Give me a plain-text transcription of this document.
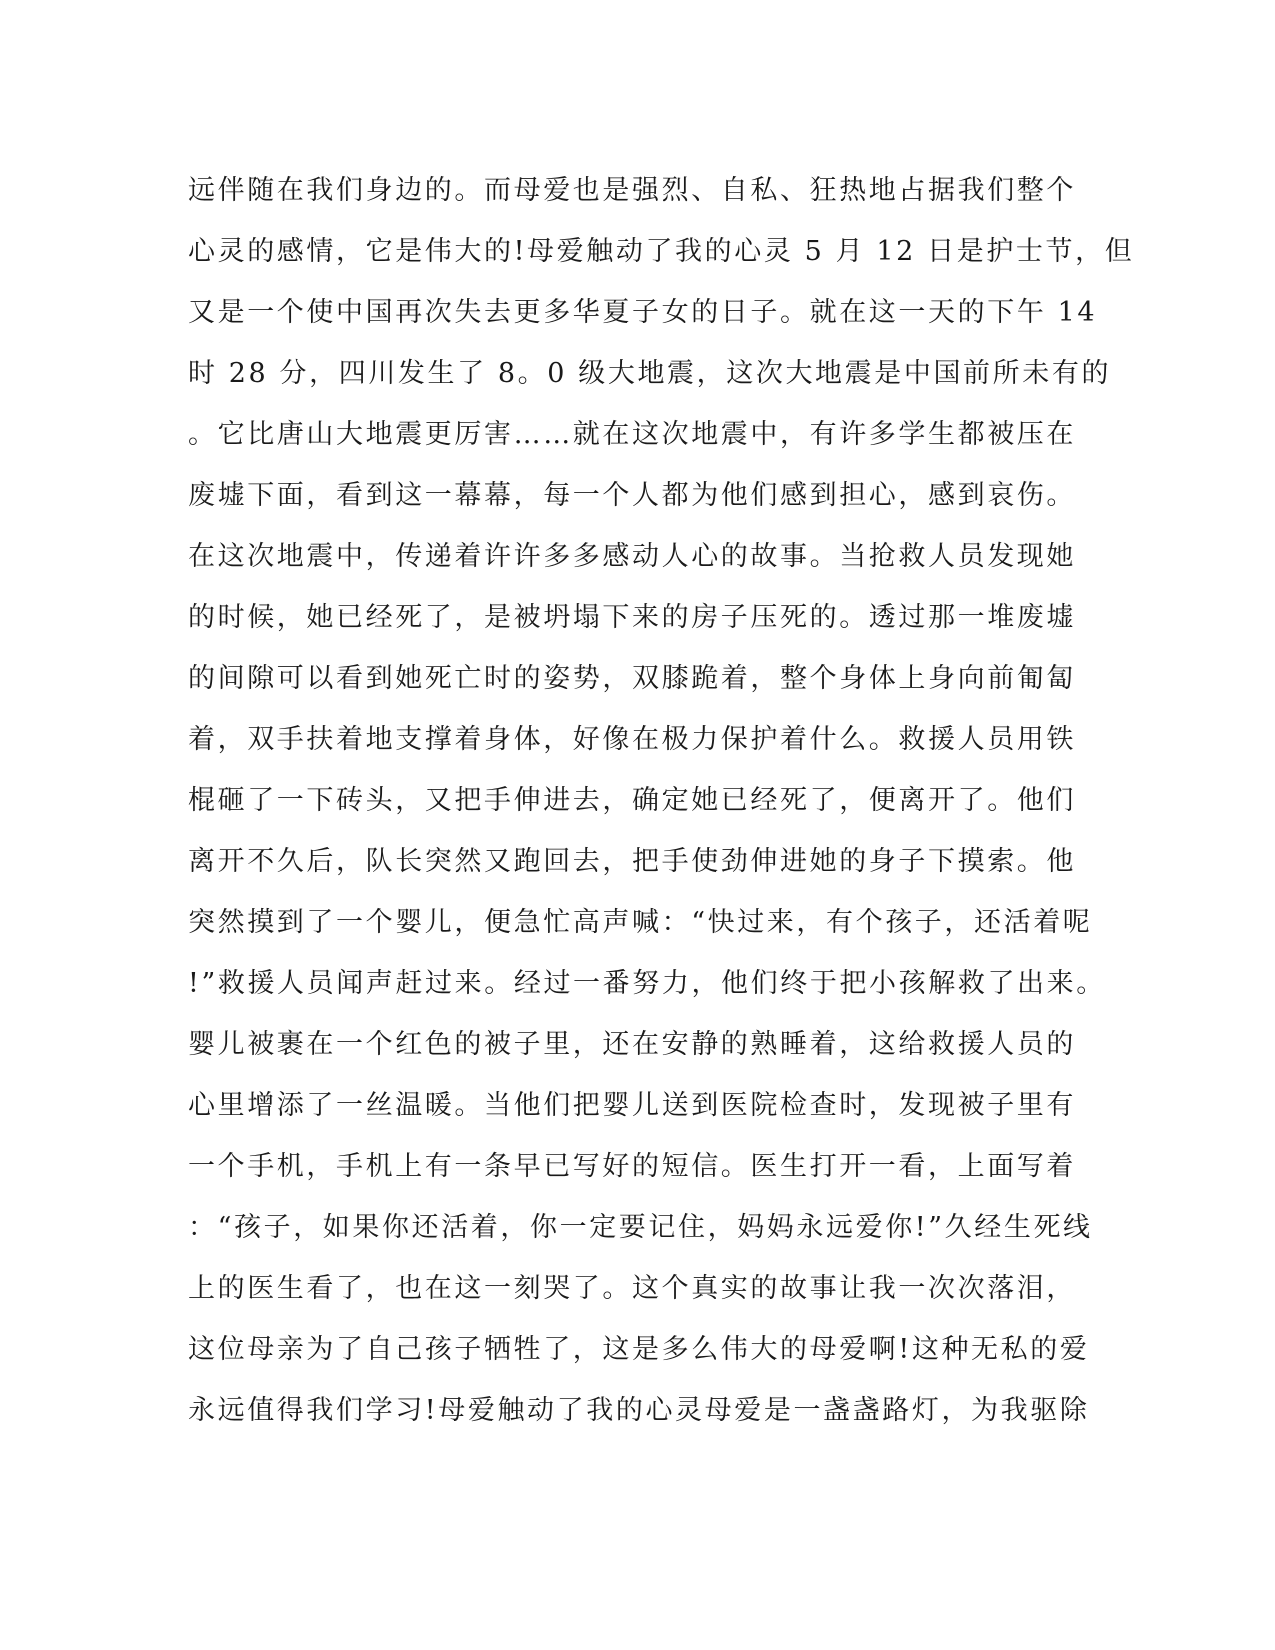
远伴随在我们身边的。而母爱也是强烈、自私、狂热地占据我们整个
心灵的感情，它是伟大的!母爱触动了我的心灵 5 月 12 日是护士节，但
又是一个使中国再次失去更多华夏子女的日子。就在这一天的下午 14
时 28 分，四川发生了 8。0 级大地震，这次大地震是中国前所未有的
。它比唐山大地震更厉害……就在这次地震中，有许多学生都被压在
废墟下面，看到这一幕幕，每一个人都为他们感到担心，感到哀伤。
在这次地震中，传递着许许多多感动人心的故事。当抢救人员发现她
的时候，她已经死了，是被坍塌下来的房子压死的。透过那一堆废墟
的间隙可以看到她死亡时的姿势，双膝跪着，整个身体上身向前匍匐
着，双手扶着地支撑着身体，好像在极力保护着什么。救援人员用铁
棍砸了一下砖头，又把手伸进去，确定她已经死了，便离开了。他们
离开不久后，队长突然又跑回去，把手使劲伸进她的身子下摸索。他
突然摸到了一个婴儿，便急忙高声喊：“快过来，有个孩子，还活着呢
!”救援人员闻声赶过来。经过一番努力，他们终于把小孩解救了出来。
婴儿被裹在一个红色的被子里，还在安静的熟睡着，这给救援人员的
心里增添了一丝温暖。当他们把婴儿送到医院检查时，发现被子里有
一个手机，手机上有一条早已写好的短信。医生打开一看，上面写着
：“孩子，如果你还活着，你一定要记住，妈妈永远爱你!”久经生死线
上的医生看了，也在这一刻哭了。这个真实的故事让我一次次落泪，
这位母亲为了自己孩子牺牲了，这是多么伟大的母爱啊!这种无私的爱
永远值得我们学习!母爱触动了我的心灵母爱是一盏盏路灯，为我驱除
